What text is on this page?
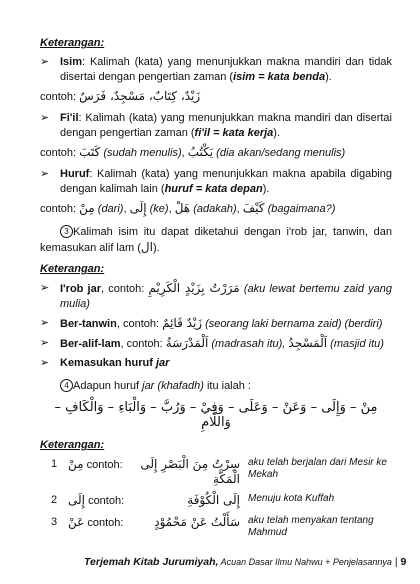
Keterangan:
➢ Isim: Kalimah (kata) yang menunjukkan makna mandiri dan tidak disertai dengan pengertian zaman (isim = kata benda).
contoh: زَيْدٌ، كِتَابٌ، مَسْجِدٌ، فَرَسٌ
➢ Fi'il: Kalimah (kata) yang menunjukkan makna mandiri dan disertai dengan pengertian zaman (fi'il = kata kerja).
contoh: كَتَبَ (sudah menulis), يَكْتُبُ (dia akan/sedang menulis)
➢ Huruf: Kalimah (kata) yang menunjukkan makna apabila digabing dengan kalimah lain (huruf = kata depan).
contoh: مِنْ (dari), إِلَى (ke), هَلْ (adakah), كَيْفَ (bagaimana?)
3 Kalimah isim itu dapat diketahui dengan i'rob jar, tanwin, dan kemasukan alif lam (ال).
Keterangan:
➢ I'rob jar, contoh: مَرَرْتُ بِزَيْدٍ الْكَرِيْمِ (aku lewat bertemu zaid yang mulia)
➢ Ber-tanwin, contoh: زَيْدٌ قَائِمٌ (seorang laki bernama zaid) (berdiri)
➢ Ber-alif-lam, contoh: اَلْمَدْرَسَةُ (madrasah itu), اَلْمَسْجِدُ (masjid itu)
➢ Kemasukan huruf jar
4 Adapun huruf jar (khafadh) itu ialah :
مِنْ – وَإِلَى – وَعَنْ – وَعَلَى – وَفِيْ – وَرُبَّ – وَالْبَاءِ – وَالْكَافِ – وَاللَّامِ
Keterangan:
1 مِنْ contoh:	سِرْتُ مِنَ الْبَصْرِ إِلَى الْمَكَّةِ
aku telah berjalan dari Mesir ke Mekah
2 إِلَى contoh:	إِلَى الْكُوْفَةِ Menuju kota Kuffah
3 عَنْ contoh:	سَأَلْتُ عَنْ مَحْمُوْدٍ aku telah menyakan tentang Mahmud
Terjemah Kitab Jurumiyah, Acuan Dasar Ilmu Nahwu + Penjelasannya | 9
